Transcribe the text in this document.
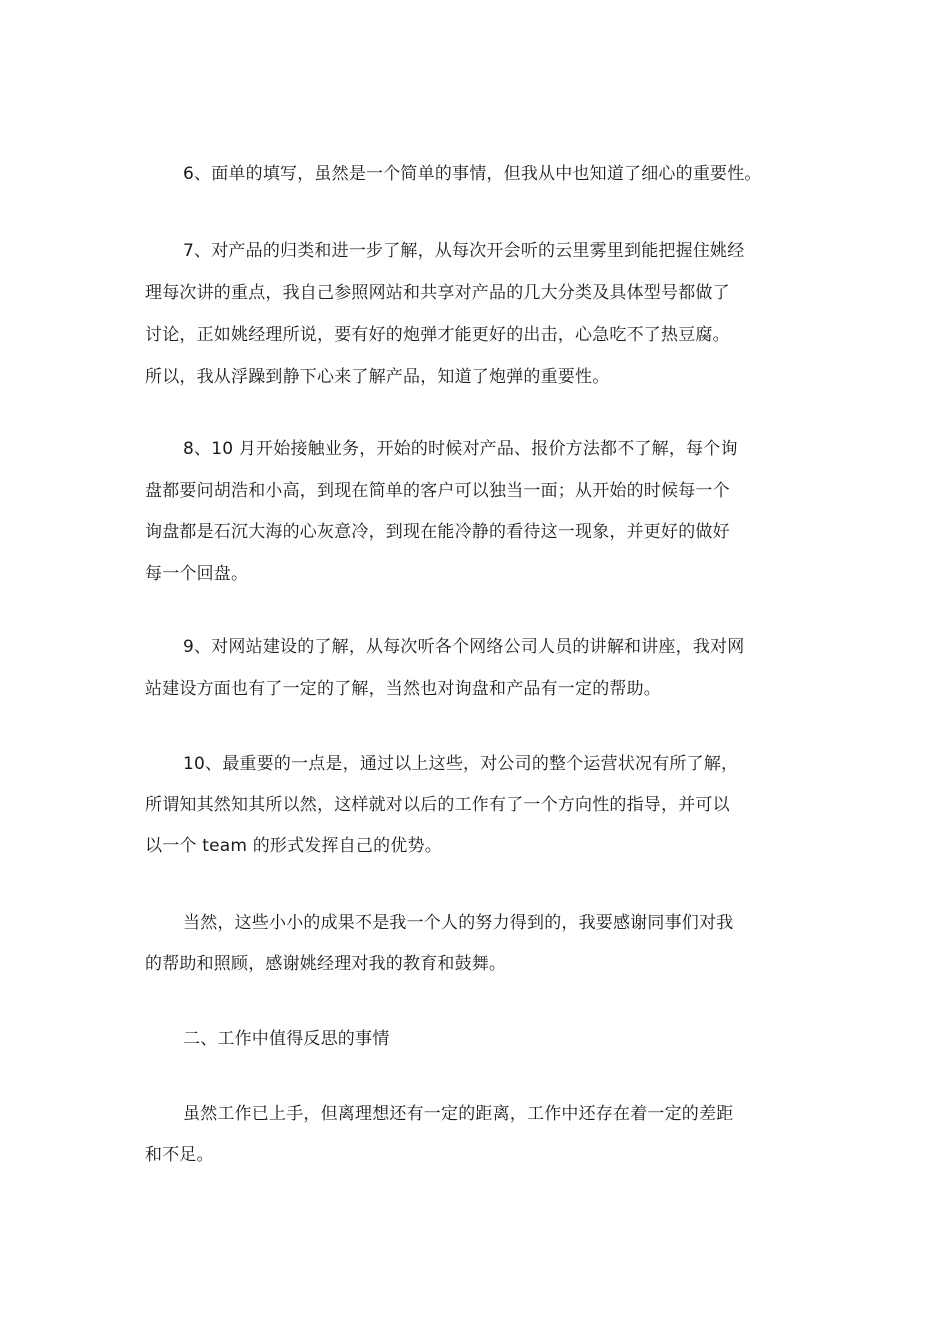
6、面单的填写，虽然是一个简单的事情，但我从中也知道了细心的重要性。
7、对产品的归类和进一步了解，从每次开会听的云里雾里到能把握住姚经
理每次讲的重点，我自己参照网站和共享对产品的几大分类及具体型号都做了
讨论，正如姚经理所说，要有好的炮弹才能更好的出击，心急吃不了热豆腐。
所以，我从浮躁到静下心来了解产品，知道了炮弹的重要性。
8、10 月开始接触业务，开始的时候对产品、报价方法都不了解，每个询
盘都要问胡浩和小高，到现在简单的客户可以独当一面；从开始的时候每一个
询盘都是石沉大海的心灰意冷，到现在能冷静的看待这一现象，并更好的做好
每一个回盘。
9、对网站建设的了解，从每次听各个网络公司人员的讲解和讲座，我对网
站建设方面也有了一定的了解，当然也对询盘和产品有一定的帮助。
10、最重要的一点是，通过以上这些，对公司的整个运营状况有所了解，
所谓知其然知其所以然，这样就对以后的工作有了一个方向性的指导，并可以
以一个 team 的形式发挥自己的优势。
当然，这些小小的成果不是我一个人的努力得到的，我要感谢同事们对我
的帮助和照顾，感谢姚经理对我的教育和鼓舞。
二、工作中值得反思的事情
虽然工作已上手，但离理想还有一定的距离，工作中还存在着一定的差距
和不足。
